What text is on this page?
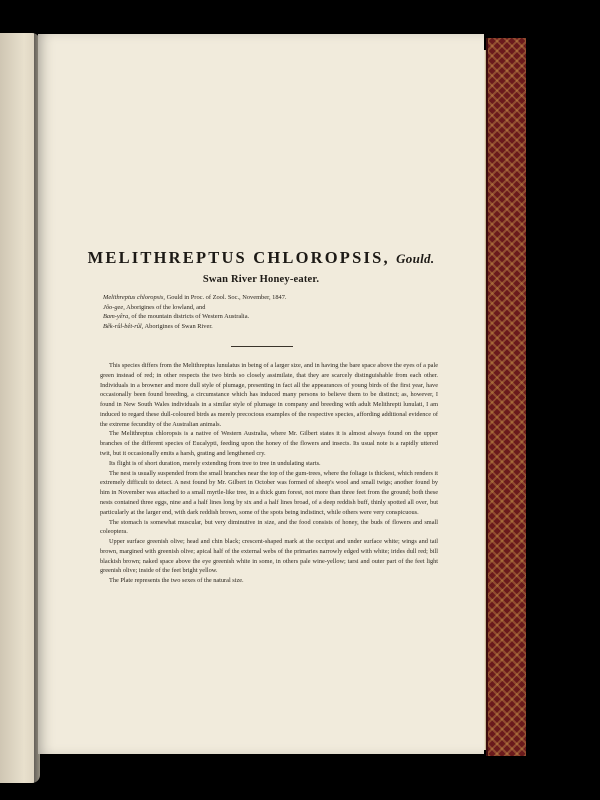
MELITHREPTUS CHLOROPSIS, Gould.
Swan River Honey-eater.
Melithreptus chloropsis, Gould in Proc. of Zool. Soc., November, 1847.
Jôo-gee, Aborigines of the lowland, and
Bam-yêra, of the mountain districts of Western Australia.
Bêk-rûl-bêt-rûl, Aborigines of Swan River.

This species differs from the Melithreptus lunulatus in being of a larger size, and in having the bare space above the eyes of a pale green instead of red; in other respects the two birds so closely assimilate, that they are scarcely distinguishable from each other. Individuals in a browner and more dull style of plumage, presenting in fact all the appearances of young birds of the first year, have occasionally been found breeding, a circumstance which has induced many persons to believe them to be distinct; as, however, I found in New South Wales individuals in a similar style of plumage in company and breeding with adult Melithrepti lunulati, I am induced to regard these dull-coloured birds as merely precocious examples of the respective species, affording additional evidence of the extreme fecundity of the Australian animals.

The Melithreptus chloropsis is a native of Western Australia, where Mr. Gilbert states it is almost always found on the upper branches of the different species of Eucalypti, feeding upon the honey of the flowers and insects. Its usual note is a rapidly uttered twit, but it occasionally emits a harsh, grating and lengthened cry.

Its flight is of short duration, merely extending from tree to tree in undulating starts.

The nest is usually suspended from the small branches near the top of the gum-trees, where the foliage is thickest, which renders it extremely difficult to detect. A nest found by Mr. Gilbert in October was formed of sheep's wool and small twigs; another found by him in November was attached to a small myrtle-like tree, in a thick gum forest, not more than three feet from the ground; both these nests contained three eggs, nine and a half lines long by six and a half lines broad, of a deep reddish buff, thinly spotted all over, but particularly at the larger end, with dark reddish brown, some of the spots being indistinct, while others were very conspicuous.

The stomach is somewhat muscular, but very diminutive in size, and the food consists of honey, the buds of flowers and small coleoptera.

Upper surface greenish olive; head and chin black; crescent-shaped mark at the occiput and under surface white; wings and tail brown, margined with greenish olive; apical half of the external webs of the primaries narrowly edged with white; irides dull red; bill blackish brown; naked space above the eye greenish white in some, in others pale wine-yellow; tarsi and outer part of the feet light greenish olive; inside of the feet bright yellow.

The Plate represents the two sexes of the natural size.
